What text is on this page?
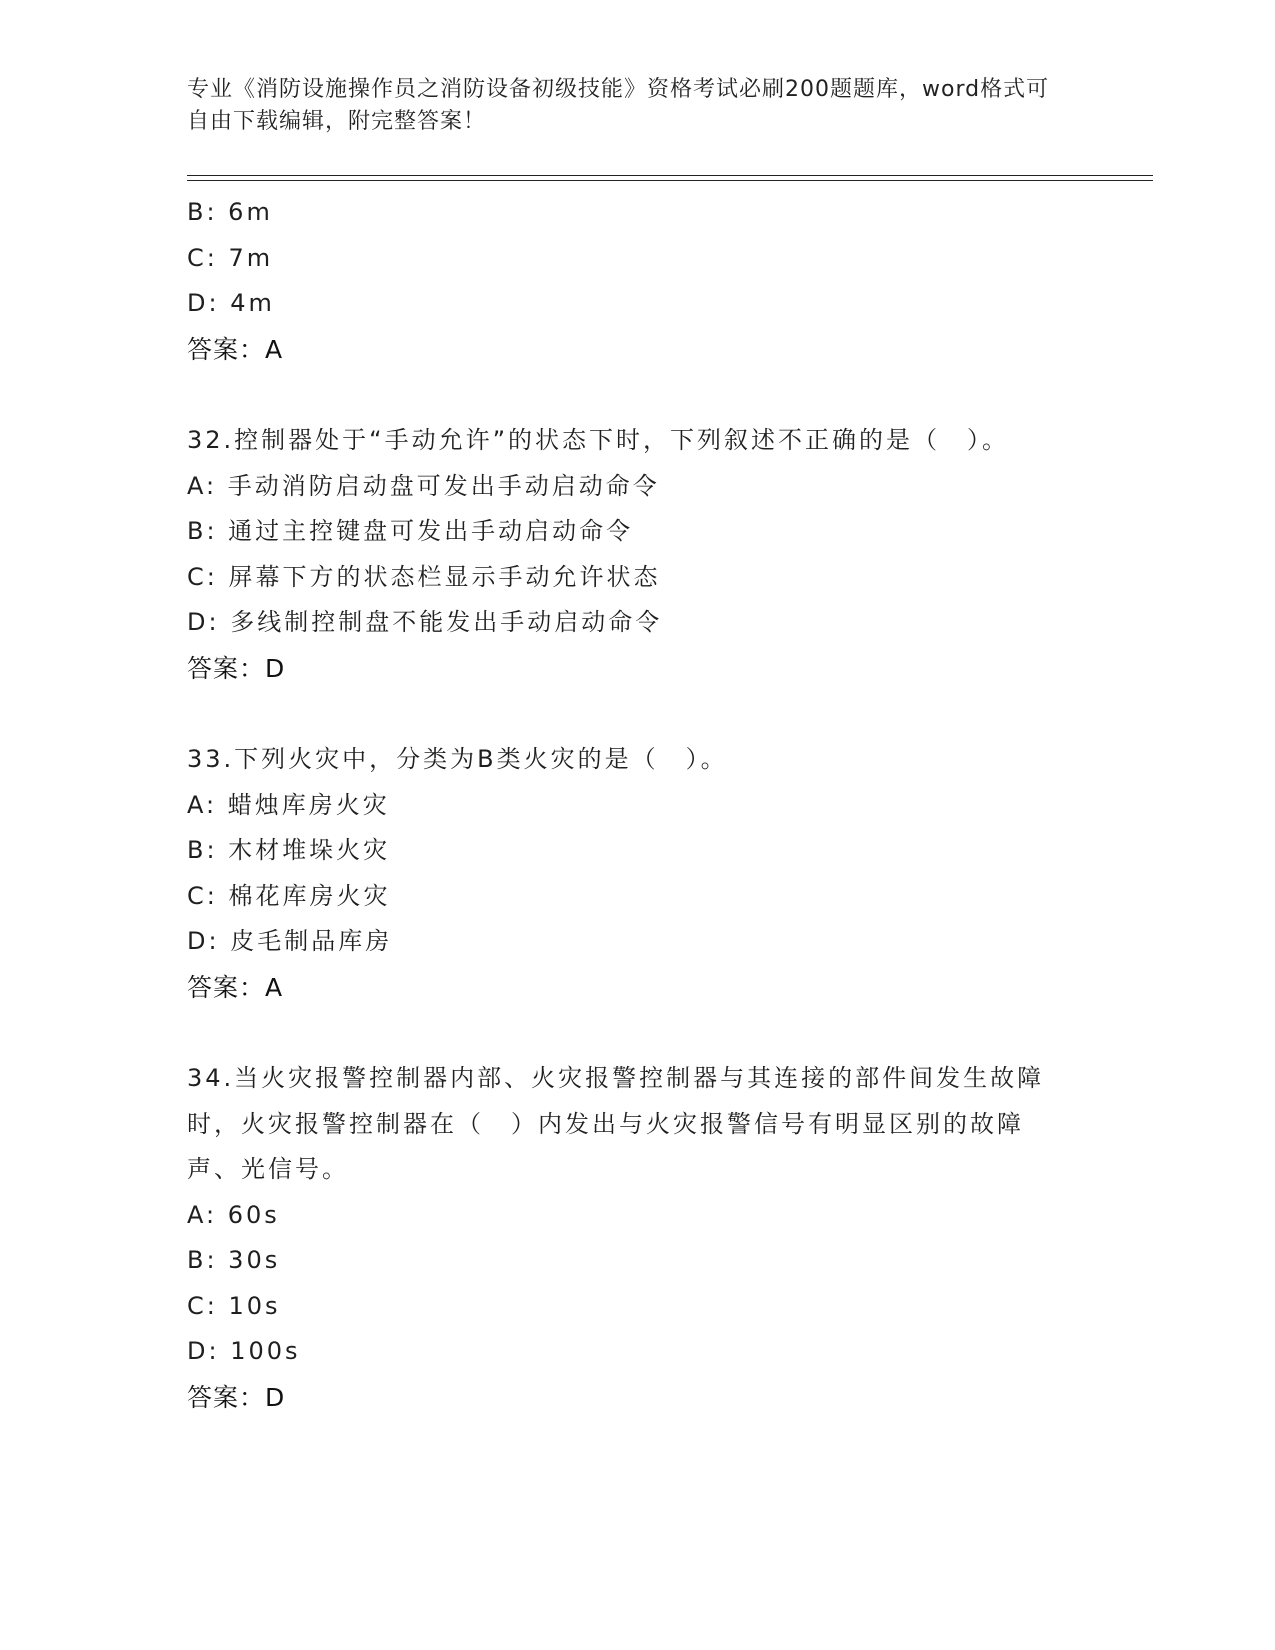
专业《消防设施操作员之消防设备初级技能》资格考试必刷200题题库，word格式可自由下载编辑，附完整答案！
B: 6m
C: 7m
D: 4m
答案：A
32.控制器处于“手动允许”的状态下时，下列叙述不正确的是（　）。
A: 手动消防启动盘可发出手动启动命令
B: 通过主控键盘可发出手动启动命令
C: 屏幕下方的状态栏显示手动允许状态
D: 多线制控制盘不能发出手动启动命令
答案：D
33.下列火灾中，分类为B类火灾的是（　）。
A: 蜡烛库房火灾
B: 木材堆垛火灾
C: 棉花库房火灾
D: 皮毛制品库房
答案：A
34.当火灾报警控制器内部、火灾报警控制器与其连接的部件间发生故障时，火灾报警控制器在（　）内发出与火灾报警信号有明显区别的故障声、光信号。
A: 60s
B: 30s
C: 10s
D: 100s
答案：D
